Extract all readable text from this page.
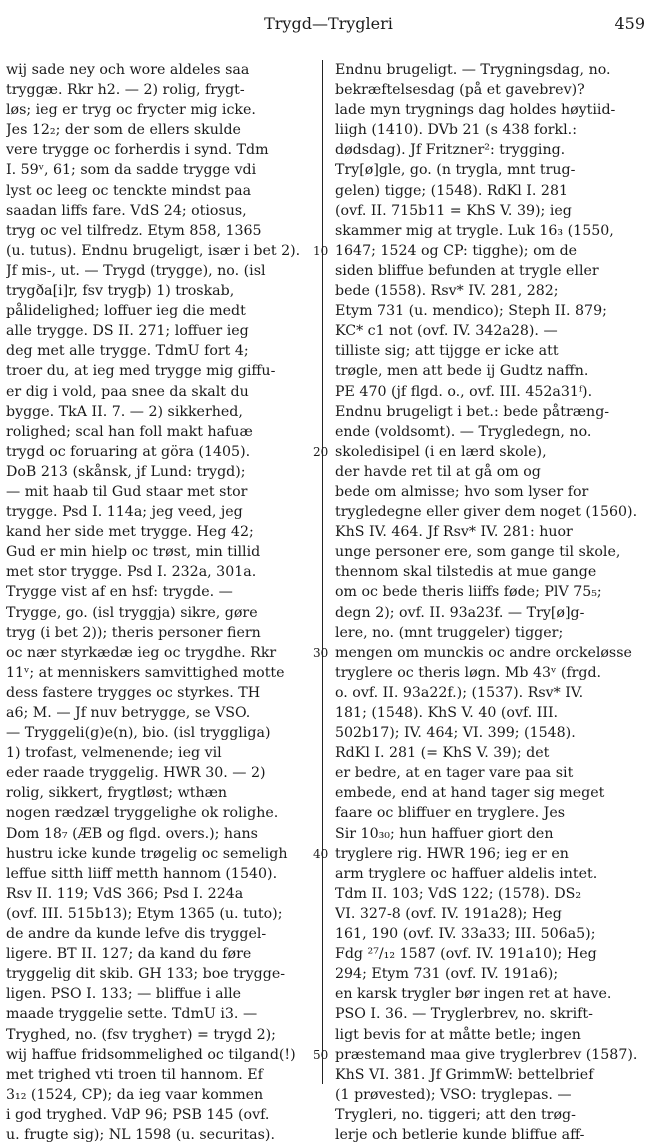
Trygd—Trygleri	459
wij sade ney och wore aldeles saa
tryggæ. Rkr h2. — 2) rolig, frygt-
løs; ieg er tryg oc frycter mig icke.
Jes 12₂; der som de ellers skulde
vere trygge oc forherdis i synd. Tdm
I. 59ᵛ, 61; som da sadde trygge vdi
lyst oc leeg oc tenckte mindst paa
saadan liffs fare. VdS 24; otiosus,
tryg oc vel tilfredz. Etym 858, 1365
(u. tutus). Endnu brugeligt, især i bet 2).
Jf mis-, ut. — Trygd (trygge), no. (isl
trygða[i]r, fsv trygþ) 1) troskab,
pålidelighed; loffuer ieg die medt
alle trygge. DS II. 271; loffuer ieg
deg met alle trygge. TdmU fort 4;
troer du, at ieg med trygge mig giffu-
er dig i vold, paa snee da skalt du
bygge. TkA II. 7. — 2) sikkerhed,
rolighed; scal han foll makt hafuæ
trygd oc foruaring at göra (1405).
DoB 213 (skånsk, jf Lund: trygd);
— mit haab til Gud staar met stor
trygge. Psd I. 114a; jeg veed, jeg
kand her side met trygge. Heg 42;
Gud er min hielp oc trøst, min tillid
met stor trygge. Psd I. 232a, 301a.
Trygge vist af en hsf: trygde. —
Trygge, go. (isl tryggja) sikre, gøre
tryg (i bet 2)); theris personer fiern
oc nær styrkædæ ieg oc trygdhe. Rkr
11ᵛ; at menniskers samvittighed motte
dess fastere trygges oc styrkes. TH
a6; M. — Jf nuv betrygge, se VSO.
— Tryggeli(g)e(n), bio. (isl tryggliga)
1) trofast, velmenende; ieg vil
eder raade tryggelig. HWR 30. — 2)
rolig, sikkert, frygtløst; wthæn
nogen rædzæl tryggelighe ok rolighe.
Dom 18₇ (ÆB og flgd. overs.); hans
hustru icke kunde trøgelig oc semeligh
leffue sitth liiff metth hannom (1540).
Rsv II. 119; VdS 366; Psd I. 224a
(ovf. III. 515b13); Etym 1365 (u. tuto);
de andre da kunde lefve dis tryggel-
ligere. BT II. 127; da kand du føre
tryggelig dit skib. GH 133; boe trygge-
ligen. PSO I. 133; — bliffue i alle
maade tryggelie sette. TdmU i3. —
Tryghed, no. (fsv trygheт) = trygd 2);
wij haffue fridsommelighed oc tilgand(!)
met trighed vti troen til hannom. Ef
3₁₂ (1524, CP); da ieg vaar kommen
i god tryghed. VdP 96; PSB 145 (ovf.
u. frugte sig); NL 1598 (u. securitas).
10
20
30
40
50
Endnu brugeligt. — Trygningsdag, no.
bekræftelsesdag (på et gavebrev)?
lade myn trygnings dag holdes høytiid-
liigh (1410). DVb 21 (s 438 forkl.:
dødsdag). Jf Fritzner²: trygging.
Try[ø]gle, go. (n trygla, mnt trug-
gelen) tigge; (1548). RdKl I. 281
(ovf. II. 715b11 = KhS V. 39); ieg
skammer mig at trygle. Luk 16₃ (1550,
1647; 1524 og CP: tigghe); om de
siden bliffue befunden at trygle eller
bede (1558). Rsv* IV. 281, 282;
Etym 731 (u. mendico); Steph II. 879;
KC* c1 not (ovf. IV. 342a28). —
tilliste sig; att tijgge er icke att
trøgle, men att bede ij Gudtz naffn.
PE 470 (jf flgd. o., ovf. III. 452a31ᶠ).
Endnu brugeligt i bet.: bede påtræng-
ende (voldsomt). — Trygledegn, no.
skoledisipel (i en lærd skole),
der havde ret til at gå om og
bede om almisse; hvo som lyser for
trygledegne eller giver dem noget (1560).
KhS IV. 464. Jf Rsv* IV. 281: huor
unge personer ere, som gange til skole,
thennom skal tilstedis at mue gange
om oc bede theris liiffs føde; PlV 75₅;
degn 2); ovf. II. 93a23f. — Try[ø]g-
lere, no. (mnt truggeler) tigger;
mengen om munckis oc andre orckeløsse
tryglere oc theris løgn. Mb 43ᵛ (frgd.
o. ovf. II. 93a22f.); (1537). Rsv* IV.
181; (1548). KhS V. 40 (ovf. III.
502b17); IV. 464; VI. 399; (1548).
RdKl I. 281 (= KhS V. 39); det
er bedre, at en tager vare paa sit
embede, end at hand tager sig meget
faare oc bliffuer en tryglere. Jes
Sir 10₃₀; hun haffuer giort den
tryglere rig. HWR 196; ieg er en
arm tryglere oc haffuer aldelis intet.
Tdm II. 103; VdS 122; (1578). DS₂
VI. 327-8 (ovf. IV. 191a28); Heg
161, 190 (ovf. IV. 33a33; III. 506a5);
Fdg ²⁷/₁₂ 1587 (ovf. IV. 191a10); Heg
294; Etym 731 (ovf. IV. 191a6);
en karsk trygler bør ingen ret at have.
PSO I. 36. — Tryglerbrev, no. skrift-
ligt bevis for at måtte betle; ingen
præstemand maa give tryglerbrev (1587).
KhS VI. 381. Jf GrimmW: bettelbrief
(1 prøvested); VSO: tryglepas. —
Trygleri, no. tiggeri; att den trøg-
lerje och betlerie kunde bliffue aff-
